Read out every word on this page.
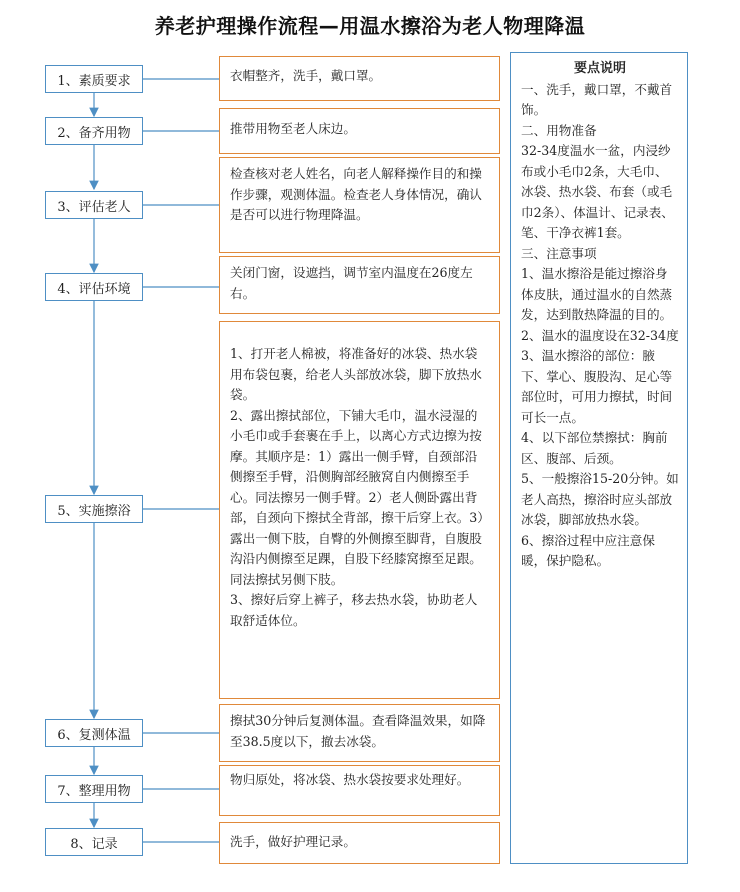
养老护理操作流程—用温水擦浴为老人物理降温
1、素质要求
2、备齐用物
3、评估老人
4、评估环境
5、实施擦浴
6、复测体温
7、整理用物
8、记录
衣帽整齐，洗手，戴口罩。
推带用物至老人床边。
检查核对老人姓名，向老人解释操作目的和操作步骤，观测体温。检查老人身体情况，确认是否可以进行物理降温。
关闭门窗，设遮挡，调节室内温度在26度左右。
1、打开老人棉被，将准备好的冰袋、热水袋用布袋包裹，给老人头部放冰袋，脚下放热水袋。
2、露出擦拭部位，下铺大毛巾，温水浸湿的小毛巾或手套裹在手上，以离心方式边擦为按摩。其顺序是：1）露出一侧手臂，自颈部沿侧擦至手臂，沿侧胸部经腋窝自内侧擦至手心。同法擦另一侧手臂。2）老人侧卧露出背部，自颈向下擦拭全背部，擦干后穿上衣。3）露出一侧下肢，自臀的外侧擦至脚背，自腹股沟沿内侧擦至足踝，自股下经膝窝擦至足跟。同法擦拭另侧下肢。
3、擦好后穿上裤子，移去热水袋，协助老人取舒适体位。
擦拭30分钟后复测体温。查看降温效果，如降至38.5度以下，撤去冰袋。
物归原处，将冰袋、热水袋按要求处理好。
洗手，做好护理记录。
要点说明
一、洗手，戴口罩，不戴首饰。
二、用物准备
32-34度温水一盆，内浸纱布或小毛巾2条，大毛巾、冰袋、热水袋、布套（或毛巾2条）、体温计、记录表、笔、干净衣裤1套。
三、注意事项
1、温水擦浴是能过擦浴身体皮肤，通过温水的自然蒸发，达到散热降温的目的。
2、温水的温度设在32-34度
3、温水擦浴的部位：腋下、掌心、腹股沟、足心等部位时，可用力擦拭，时间可长一点。
4、以下部位禁擦拭：胸前区、腹部、后颈。
5、一般擦浴15-20分钟。如老人高热，擦浴时应头部放冰袋，脚部放热水袋。
6、擦浴过程中应注意保暖，保护隐私。
